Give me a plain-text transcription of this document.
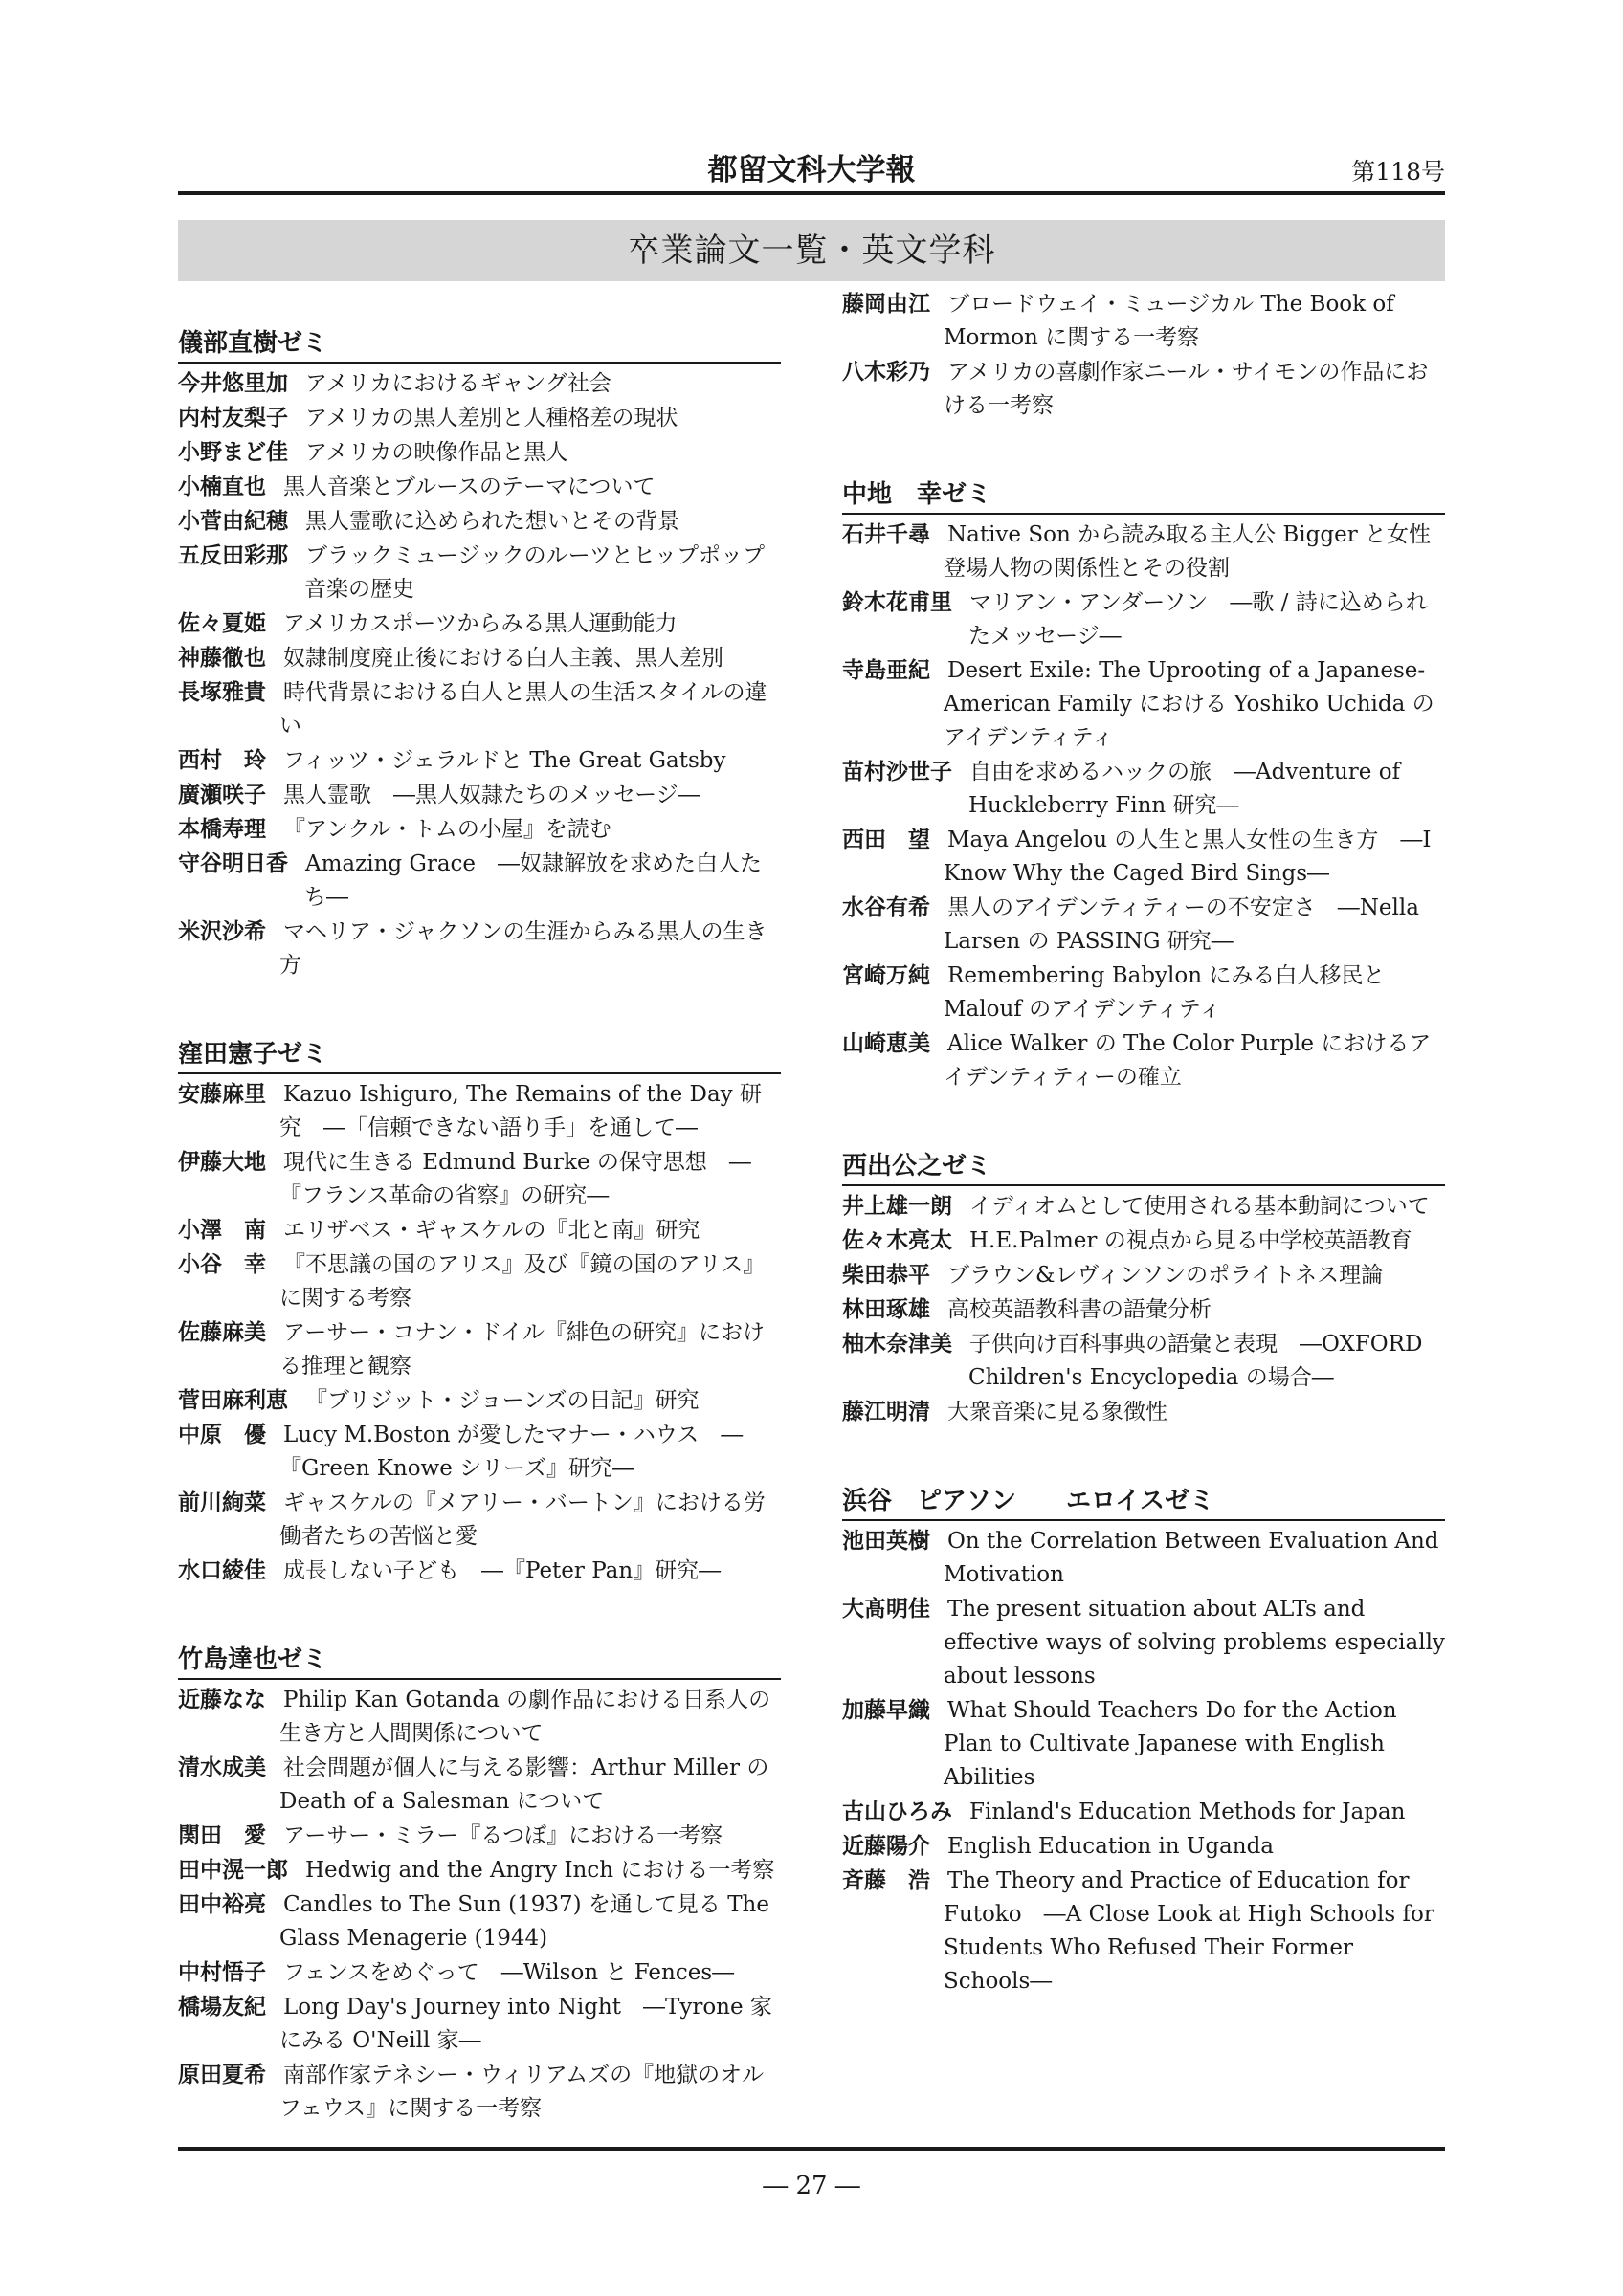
都留文科大学報	第118号
卒業論文一覧・英文学科
儀部直樹ゼミ
今井悠里加 アメリカにおけるギャング社会
内村友梨子 アメリカの黒人差別と人種格差の現状
小野まど佳 アメリカの映像作品と黒人
小楠直也 黒人音楽とブルースのテーマについて
小菅由紀穂 黒人霊歌に込められた想いとその背景
五反田彩那 ブラックミュージックのルーツとヒップポップ音楽の歴史
佐々夏姫 アメリカスポーツからみる黒人運動能力
神藤徹也 奴隷制度廃止後における白人主義、黒人差別
長塚雅貴 時代背景における白人と黒人の生活スタイルの違い
西村　玲 フィッツ・ジェラルドと The Great Gatsby
廣瀬咲子 黒人霊歌　―黒人奴隷たちのメッセージ―
本橋寿理 『アンクル・トムの小屋』を読む
守谷明日香 Amazing Grace　―奴隷解放を求めた白人たち―
米沢沙希 マヘリア・ジャクソンの生涯からみる黒人の生き方
窪田憲子ゼミ
安藤麻里 Kazuo Ishiguro, The Remains of the Day 研究　―「信頼できない語り手」を通して―
伊藤大地 現代に生きる Edmund Burke の保守思想　―『フランス革命の省察』の研究―
小澤　南 エリザベス・ギャスケルの『北と南』研究
小谷　幸 『不思議の国のアリス』及び『鏡の国のアリス』に関する考察
佐藤麻美 アーサー・コナン・ドイル『緋色の研究』における推理と観察
菅田麻利恵 『ブリジット・ジョーンズの日記』研究
中原　優 Lucy M.Boston が愛したマナー・ハウス　―『Green Knowe シリーズ』研究―
前川絢菜 ギャスケルの『メアリー・バートン』における労働者たちの苦悩と愛
水口綾佳 成長しない子ども　―『Peter Pan』研究―
竹島達也ゼミ
近藤なな Philip Kan Gotanda の劇作品における日系人の生き方と人間関係について
清水成美 社会問題が個人に与える影響：Arthur Miller の Death of a Salesman について
関田　愛 アーサー・ミラー『るつぼ』における一考察
田中滉一郎 Hedwig and the Angry Inch における一考察
田中裕亮 Candles to The Sun (1937) を通して見る The Glass Menagerie (1944)
中村悟子 フェンスをめぐって　―Wilson と Fences―
橋場友紀 Long Day's Journey into Night　―Tyrone 家にみる O'Neill 家―
原田夏希 南部作家テネシー・ウィリアムズの『地獄のオルフェウス』に関する一考察
藤岡由江 ブロードウェイ・ミュージカル The Book of Mormon に関する一考察
八木彩乃 アメリカの喜劇作家ニール・サイモンの作品における一考察
中地　幸ゼミ
石井千尋 Native Son から読み取る主人公 Bigger と女性登場人物の関係性とその役割
鈴木花甫里 マリアン・アンダーソン　―歌 / 詩に込められたメッセージ―
寺島亜紀 Desert Exile: The Uprooting of a Japanese-American Family における Yoshiko Uchida のアイデンティティ
苗村沙世子 自由を求めるハックの旅　―Adventure of Huckleberry Finn 研究―
西田　望 Maya Angelou の人生と黒人女性の生き方　―I Know Why the Caged Bird Sings―
水谷有希 黒人のアイデンティティーの不安定さ　―Nella Larsen の PASSING 研究―
宮崎万純 Remembering Babylon にみる白人移民と Malouf のアイデンティティ
山崎恵美 Alice Walker の The Color Purple におけるアイデンティティーの確立
西出公之ゼミ
井上雄一朗 イディオムとして使用される基本動詞について
佐々木亮太 H.E.Palmer の視点から見る中学校英語教育
柴田恭平 ブラウン&レヴィンソンのポライトネス理論
林田琢雄 高校英語教科書の語彙分析
柚木奈津美 子供向け百科事典の語彙と表現　―OXFORD Children's Encyclopedia の場合―
藤江明清 大衆音楽に見る象徴性
浜谷　ピアソン　　エロイスゼミ
池田英樹 On the Correlation Between Evaluation And Motivation
大髙明佳 The present situation about ALTs and effective ways of solving problems especially about lessons
加藤早織 What Should Teachers Do for the Action Plan to Cultivate Japanese with English Abilities
古山ひろみ Finland's Education Methods for Japan
近藤陽介 English Education in Uganda
斉藤　浩 The Theory and Practice of Education for Futoko　―A Close Look at High Schools for Students Who Refused Their Former Schools―
― 27 ―
